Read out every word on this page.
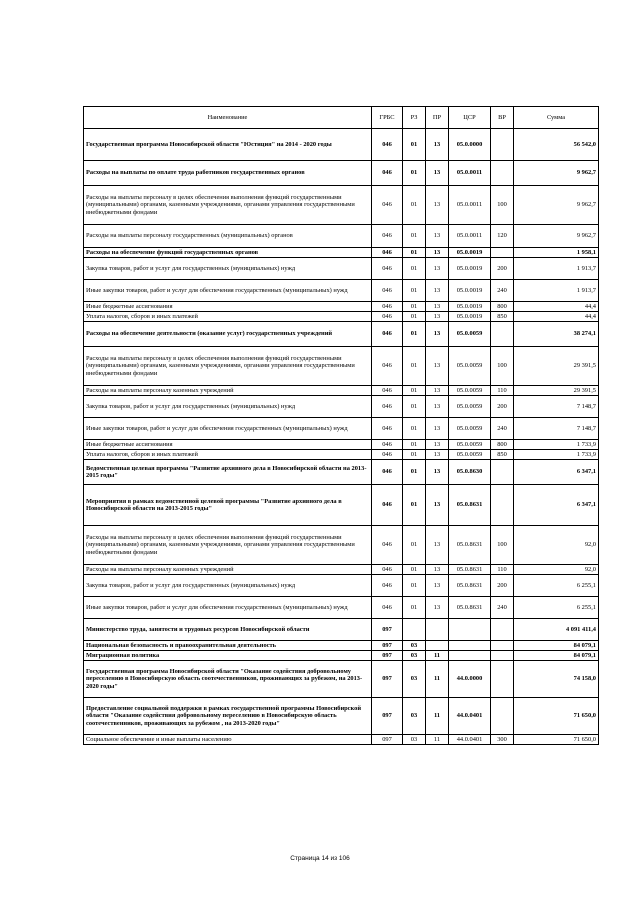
Наименование	ГРБС	РЗ	ПР	ЦСР	ВР	Сумма
Государственная программа Новосибирской области "Юстиция" на 2014 - 2020 годы	046	01	13	05.0.0000		56 542,0
Расходы на выплаты по оплате труда работников государственных органов	046	01	13	05.0.0011		9 962,7
Расходы на выплаты персоналу в целях обеспечения выполнения функций государственными (муниципальными) органами, казенными учреждениями, органами управления государственными внебюджетными фондами	046	01	13	05.0.0011	100	9 962,7
Расходы на выплаты персоналу государственных (муниципальных) органов	046	01	13	05.0.0011	120	9 962,7
Расходы на обеспечение функций государственных органов	046	01	13	05.0.0019		1 958,1
Закупка товаров, работ и услуг для государственных (муниципальных) нужд	046	01	13	05.0.0019	200	1 913,7
Иные закупки товаров, работ и услуг для обеспечения государственных (муниципальных) нужд	046	01	13	05.0.0019	240	1 913,7
Иные бюджетные ассигнования	046	01	13	05.0.0019	800	44,4
Уплата налогов, сборов и иных платежей	046	01	13	05.0.0019	850	44,4
Расходы на обеспечение деятельности (оказание услуг) государственных учреждений	046	01	13	05.0.0059		38 274,1
Расходы на выплаты персоналу в целях обеспечения выполнения функций государственными (муниципальными) органами, казенными учреждениями, органами управления государственными внебюджетными фондами	046	01	13	05.0.0059	100	29 391,5
Расходы на выплаты персоналу казенных учреждений	046	01	13	05.0.0059	110	29 391,5
Закупка товаров, работ и услуг для государственных (муниципальных) нужд	046	01	13	05.0.0059	200	7 148,7
Иные закупки товаров, работ и услуг для обеспечения государственных (муниципальных) нужд	046	01	13	05.0.0059	240	7 148,7
Иные бюджетные ассигнования	046	01	13	05.0.0059	800	1 733,9
Уплата налогов, сборов и иных платежей	046	01	13	05.0.0059	850	1 733,9
Ведомственная целевая программа "Развитие архивного дела в Новосибирской области на 2013-2015 годы"	046	01	13	05.0.8630		6 347,1
Мероприятия в рамках ведомственной целевой программы "Развитие архивного дела в Новосибирской области на 2013-2015 годы"	046	01	13	05.0.8631		6 347,1
Расходы на выплаты персоналу в целях обеспечения выполнения функций государственными (муниципальными) органами, казенными учреждениями, органами управления государственными внебюджетными фондами	046	01	13	05.0.8631	100	92,0
Расходы на выплаты персоналу казенных учреждений	046	01	13	05.0.8631	110	92,0
Закупка товаров, работ и услуг для государственных (муниципальных) нужд	046	01	13	05.0.8631	200	6 255,1
Иные закупки товаров, работ и услуг для обеспечения государственных (муниципальных) нужд	046	01	13	05.0.8631	240	6 255,1
Министерство труда, занятости и трудовых ресурсов Новосибирской области	097					4 091 411,4
Национальная безопасность и правоохранительная деятельность	097	03				84 079,1
Миграционная политика	097	03	11			84 079,1
Государственная программа Новосибирской области "Оказание содействия добровольному переселению в Новосибирскую область соотечественников, проживающих за рубежом, на 2013-2020 годы"	097	03	11	44.0.0000		74 158,0
Предоставление социальной поддержки в рамках государственной программы Новосибирской области "Оказание содействия добровольному переселению в Новосибирскую область соотечественников, проживающих за рубежом , на 2013-2020 годы"	097	03	11	44.0.0401		71 650,0
Социальное обеспечение и иные выплаты населению	097	03	11	44.0.0401	300	71 650,0
Страница 14 из 106
